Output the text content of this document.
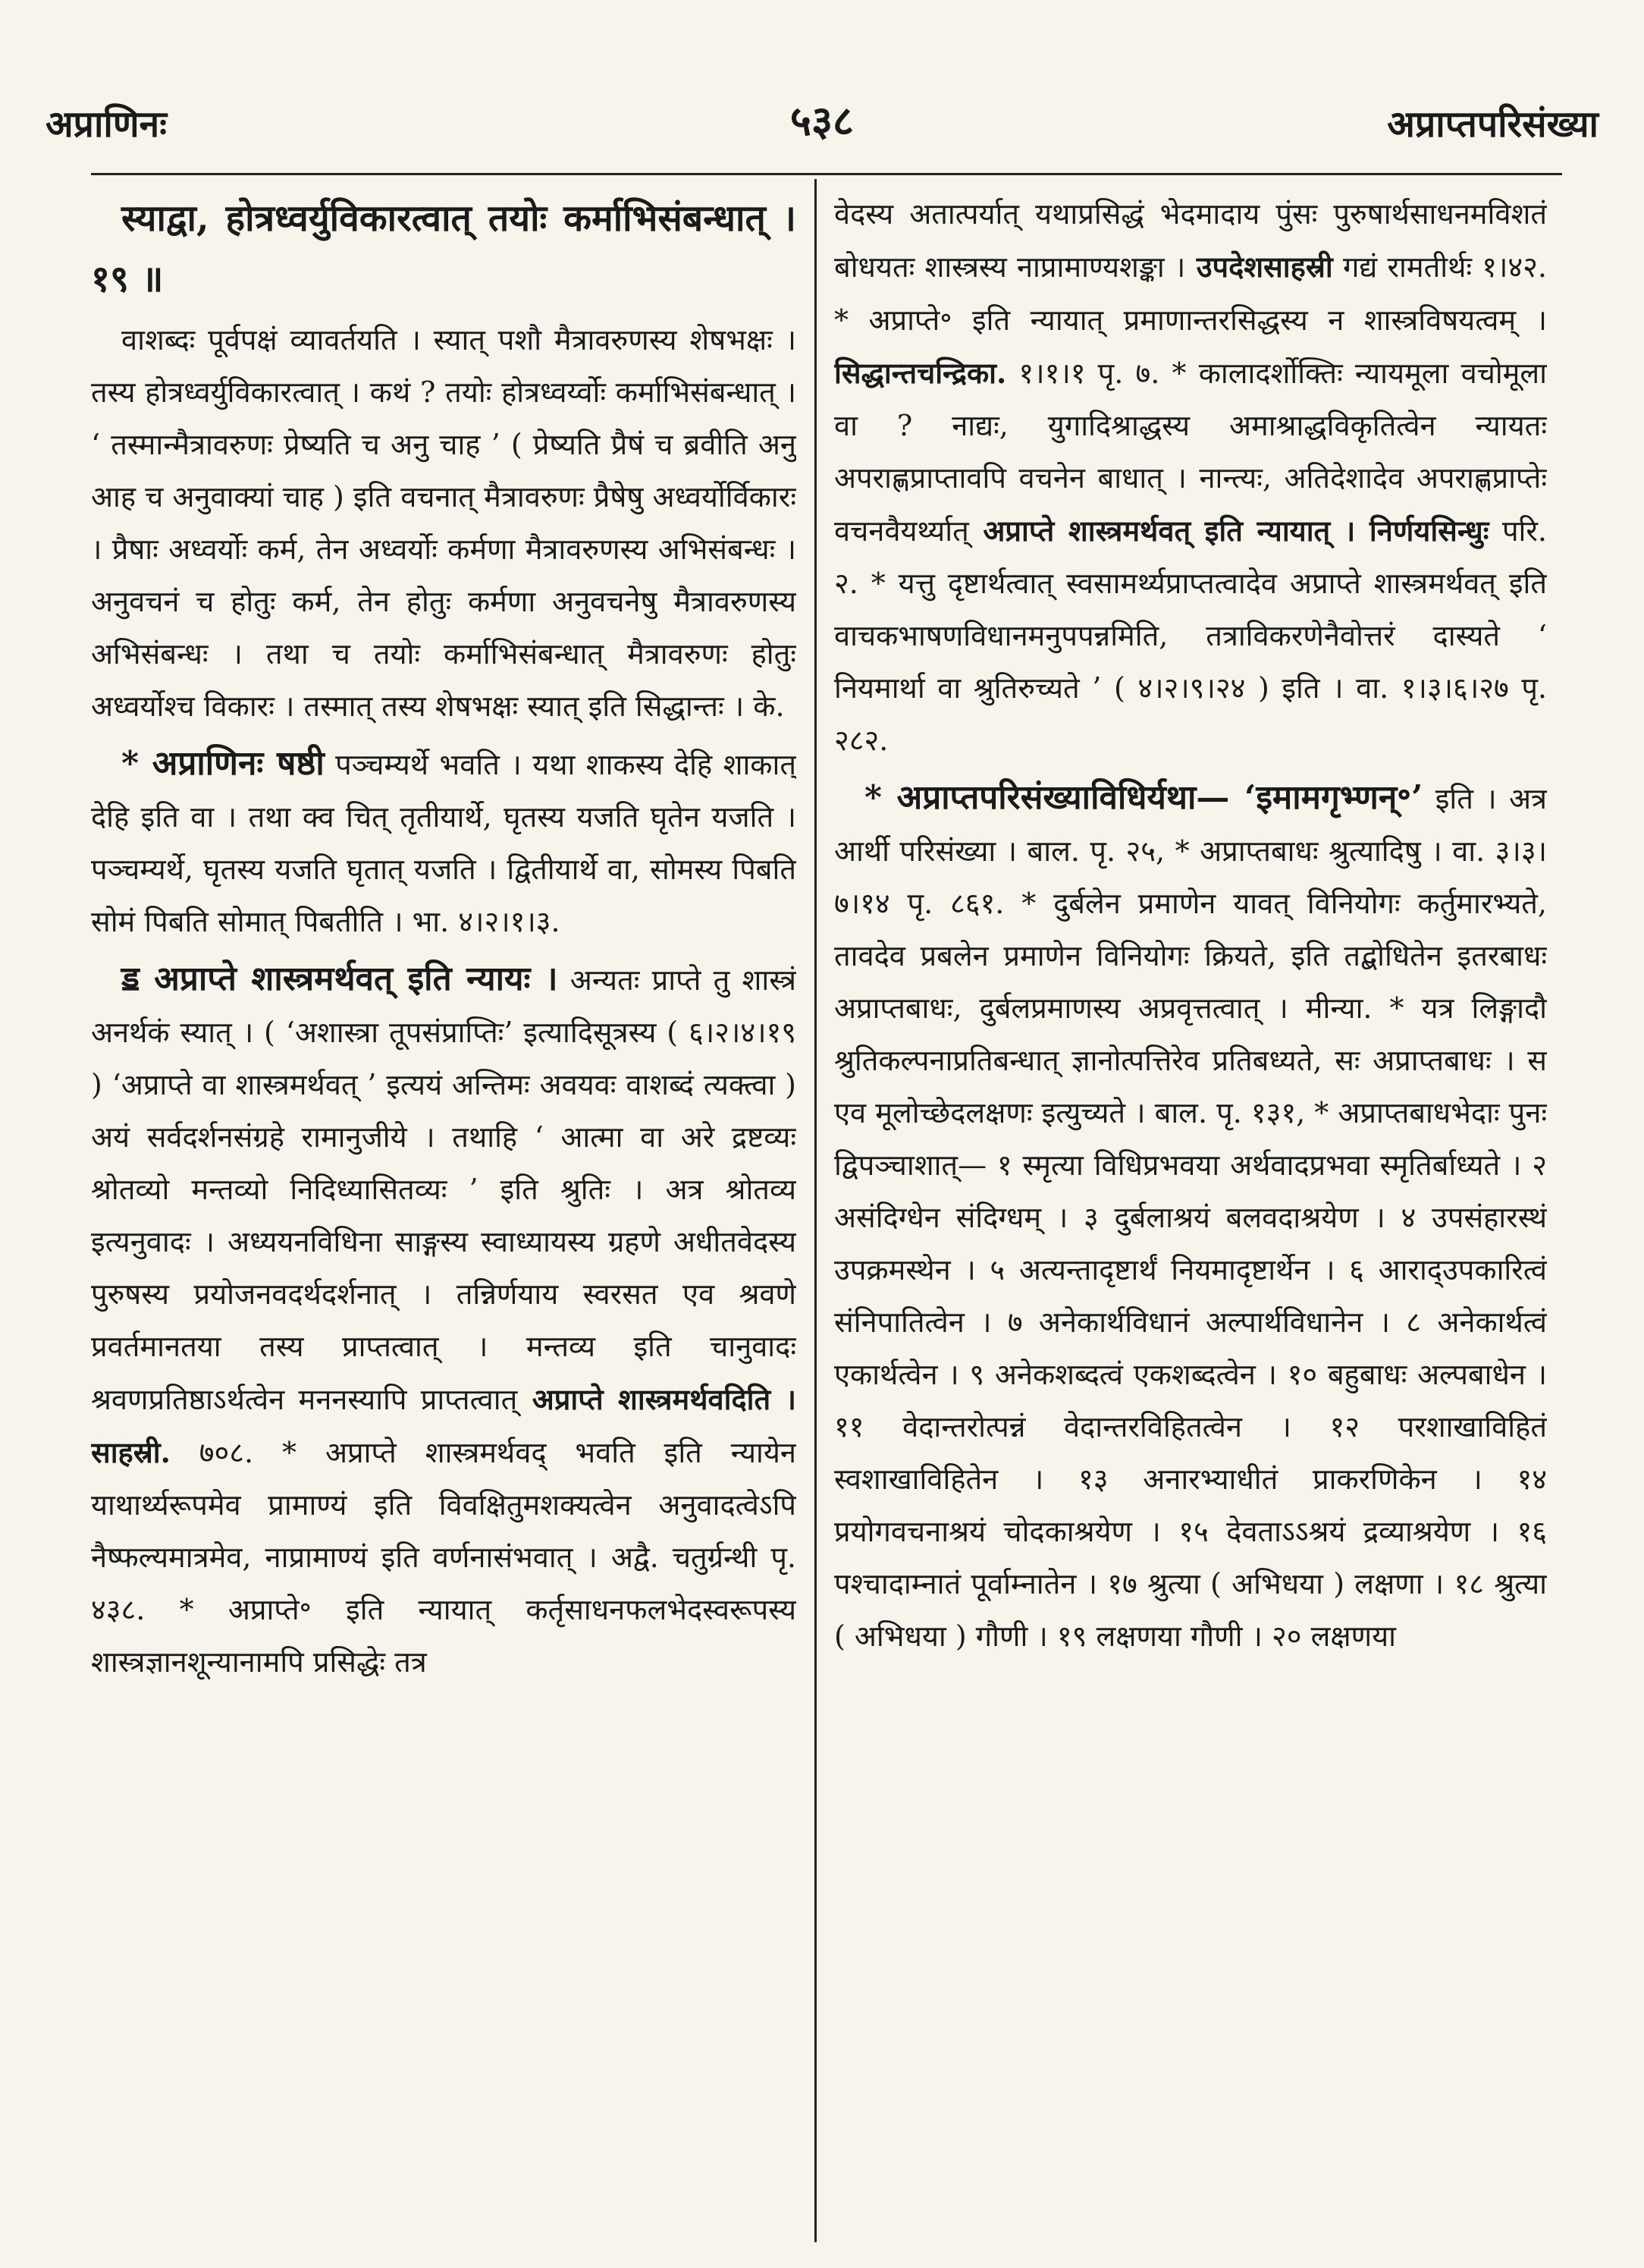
अप्राणिनः	५३८	अप्राप्तपरिसंख्या

स्याद्वा, होत्रध्वर्युविकारत्वात् तयोः कर्माभिसंबन्धात् । १९ ॥

वाशब्दः पूर्वपक्षं व्यावर्तयति । स्यात् पशौ मैत्रावरुणस्य शेषभक्षः । तस्य होत्रध्वर्युविकारत्वात् । कथं ? तयोः होत्रध्वर्य्वोः कर्माभिसंबन्धात् । ‘ तस्मान्मैत्रावरुणः प्रेष्यति च अनु चाह ’ ( प्रेष्यति प्रैषं च ब्रवीति अनु आह च अनुवाक्यां चाह ) इति वचनात् मैत्रावरुणः प्रैषेषु अध्वर्योर्विकारः । प्रैषाः अध्वर्योः कर्म, तेन अध्वर्योः कर्मणा मैत्रावरुणस्य अभिसंबन्धः । अनुवचनं च होतुः कर्म, तेन होतुः कर्मणा अनुवचनेषु मैत्रावरुणस्य अभिसंबन्धः । तथा च तयोः कर्माभिसंबन्धात् मैत्रावरुणः होतुः अध्वर्योश्च विकारः । तस्मात् तस्य शेषभक्षः स्यात् इति सिद्धान्तः । के.

* अप्राणिनः षष्ठी पञ्चम्यर्थे भवति । यथा शाकस्य देहि शाकात् देहि इति वा । तथा क्व चित् तृतीयार्थे, घृतस्य यजति घृतेन यजति । पञ्चम्यर्थे, घृतस्य यजति घृतात् यजति । द्वितीयार्थे वा, सोमस्य पिबति सोमं पिबति सोमात् पिबतीति । भा. ४।२।१।३.

ॾ अप्राप्ते शास्त्रमर्थवत् इति न्यायः । अन्यतः प्राप्ते तु शास्त्रं अनर्थकं स्यात् । ( ‘अशास्त्रा तूपसंप्राप्तिः’ इत्यादिसूत्रस्य ( ६।२।४।१९ ) ‘अप्राप्ते वा शास्त्रमर्थवत् ’ इत्ययं अन्तिमः अवयवः वाशब्दं त्यक्त्वा ) अयं सर्वदर्शनसंग्रहे रामानुजीये । तथाहि ‘ आत्मा वा अरे द्रष्टव्यः श्रोतव्यो मन्तव्यो निदिध्यासितव्यः ’ इति श्रुतिः । अत्र श्रोतव्य इत्यनुवादः । अध्ययनविधिना साङ्गस्य स्वाध्यायस्य ग्रहणे अधीतवेदस्य पुरुषस्य प्रयोजनवदर्थदर्शनात् । तन्निर्णयाय स्वरसत एव श्रवणे प्रवर्तमानतया तस्य प्राप्तत्वात् । मन्तव्य इति चानुवादः श्रवणप्रतिष्ठाऽर्थत्वेन मननस्यापि प्राप्तत्वात् अप्राप्ते शास्त्रमर्थवदिति । साहस्री. ७०८. * अप्राप्ते शास्त्रमर्थवद् भवति इति न्यायेन याथार्थ्यरूपमेव प्रामाण्यं इति विवक्षितुमशक्यत्वेन अनुवादत्वेऽपि नैष्फल्यमात्रमेव, नाप्रामाण्यं इति वर्णनासंभवात् । अद्वै. चतुर्ग्रन्थी पृ. ४३८. * अप्राप्ते॰ इति न्यायात् कर्तृसाधनफलभेदस्वरूपस्य शास्त्रज्ञानशून्यानामपि प्रसिद्धेः तत्र

वेदस्य अतात्पर्यात् यथाप्रसिद्धं भेदमादाय पुंसः पुरुषार्थसाधनमविशतं बोधयतः शास्त्रस्य नाप्रामाण्यशङ्का । उपदेशसाहस्री गद्यं रामतीर्थः १।४२. * अप्राप्ते॰ इति न्यायात् प्रमाणान्तरसिद्धस्य न शास्त्रविषयत्वम् । सिद्धान्तचन्द्रिका. १।१।१ पृ. ७. * कालादर्शोक्तिः न्यायमूला वचोमूला वा ? नाद्यः, युगादिश्राद्धस्य अमाश्राद्धविकृतित्वेन न्यायतः अपराह्णप्राप्तावपि वचनेन बाधात् । नान्त्यः, अतिदेशादेव अपराह्णप्राप्तेः वचनवैयर्थ्यात् अप्राप्ते शास्त्रमर्थवत् इति न्यायात् । निर्णयसिन्धुः परि. २. * यत्तु दृष्टार्थत्वात् स्वसामर्थ्यप्राप्तत्वादेव अप्राप्ते शास्त्रमर्थवत् इति वाचकभाषणविधानमनुपपन्नमिति, तत्राविकरणेनैवोत्तरं दास्यते ‘ नियमार्था वा श्रुतिरुच्यते ’ ( ४।२।९।२४ ) इति । वा. १।३।६।२७ पृ. २८२.

* अप्राप्तपरिसंख्याविधिर्यथा— ‘इमामगृभ्णन्॰’ इति । अत्र आर्थी परिसंख्या । बाल. पृ. २५, * अप्राप्तबाधः श्रुत्यादिषु । वा. ३।३।७।१४ पृ. ८६१. * दुर्बलेन प्रमाणेन यावत् विनियोगः कर्तुमारभ्यते, तावदेव प्रबलेन प्रमाणेन विनियोगः क्रियते, इति तद्बोधितेन इतरबाधः अप्राप्तबाधः, दुर्बलप्रमाणस्य अप्रवृत्तत्वात् । मीन्या. * यत्र लिङ्गादौ श्रुतिकल्पनाप्रतिबन्धात् ज्ञानोत्पत्तिरेव प्रतिबध्यते, सः अप्राप्तबाधः । स एव मूलोच्छेदलक्षणः इत्युच्यते । बाल. पृ. १३१, * अप्राप्तबाधभेदाः पुनः द्विपञ्चाशात्— १ स्मृत्या विधिप्रभवया अर्थवादप्रभवा स्मृतिर्बाध्यते । २ असंदिग्धेन संदिग्धम् । ३ दुर्बलाश्रयं बलवदाश्रयेण । ४ उपसंहारस्थं उपक्रमस्थेन । ५ अत्यन्तादृष्टार्थं नियमादृष्टार्थेन । ६ आराद्उपकारित्वं संनिपातित्वेन । ७ अनेकार्थविधानं अल्पार्थविधानेन । ८ अनेकार्थत्वं एकार्थत्वेन । ९ अनेकशब्दत्वं एकशब्दत्वेन । १० बहुबाधः अल्पबाधेन । ११ वेदान्तरोत्पन्नं वेदान्तरविहितत्वेन । १२ परशाखाविहितं स्वशाखाविहितेन । १३ अनारभ्याधीतं प्राकरणिकेन । १४ प्रयोगवचनाश्रयं चोदकाश्रयेण । १५ देवताऽऽश्रयं द्रव्याश्रयेण । १६ पश्चादाम्नातं पूर्वाम्नातेन । १७ श्रुत्या ( अभिधया ) लक्षणा । १८ श्रुत्या ( अभिधया ) गौणी । १९ लक्षणया गौणी । २० लक्षणया
